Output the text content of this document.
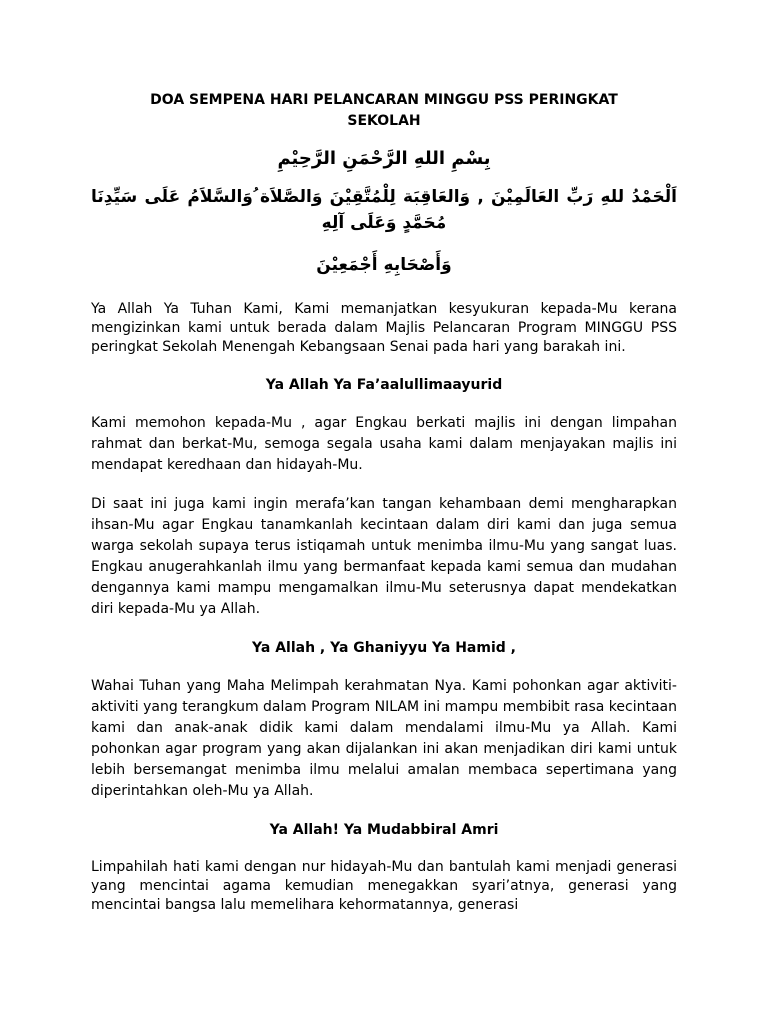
DOA SEMPENA HARI PELANCARAN MINGGU PSS PERINGKAT SEKOLAH

بِسْمِ اللهِ الرَّحْمَنِ الرَّحِيْمِ

اَلْحَمْدُ للهِ رَبِّ العَالَمِيْنَ , وَالعَاقِبَة لِلْمُتَّقِيْنَ وَالصَّلاَة ُوَالسَّلاَمُ عَلَى سَيِّدِنَا مُحَمَّدٍ وَعَلَى آلِهِ

وَأَصْحَابِهِ أَجْمَعِيْنَ

Ya Allah Ya Tuhan Kami, Kami memanjatkan kesyukuran kepada-Mu kerana mengizinkan kami untuk berada dalam Majlis Pelancaran Program MINGGU PSS peringkat Sekolah Menengah Kebangsaan Senai pada hari yang barakah ini.

Ya Allah Ya Fa’aalullimaayurid

Kami memohon kepada-Mu , agar Engkau berkati majlis ini dengan limpahan rahmat dan berkat-Mu, semoga segala usaha kami dalam menjayakan majlis ini mendapat keredhaan dan hidayah-Mu.

Di saat ini juga kami ingin merafa’kan tangan kehambaan demi mengharapkan ihsan-Mu agar Engkau tanamkanlah kecintaan dalam diri kami dan juga semua warga sekolah supaya terus istiqamah untuk menimba ilmu-Mu yang sangat luas. Engkau anugerahkanlah ilmu yang bermanfaat kepada kami semua dan mudahan dengannya kami mampu mengamalkan ilmu-Mu seterusnya dapat mendekatkan diri kepada-Mu ya Allah.

Ya Allah , Ya Ghaniyyu Ya Hamid ,

Wahai Tuhan yang Maha Melimpah kerahmatan Nya. Kami pohonkan agar aktiviti-aktiviti yang terangkum dalam Program NILAM ini mampu membibit rasa kecintaan kami dan anak-anak didik kami dalam mendalami ilmu-Mu ya Allah. Kami pohonkan agar program yang akan dijalankan ini akan menjadikan diri kami untuk lebih bersemangat menimba ilmu melalui amalan membaca sepertimana yang diperintahkan oleh-Mu ya Allah.

Ya Allah! Ya Mudabbiral Amri

Limpahilah hati kami dengan nur hidayah-Mu dan bantulah kami menjadi generasi yang mencintai agama kemudian menegakkan syari’atnya, generasi yang mencintai bangsa lalu memelihara kehormatannya, generasi
